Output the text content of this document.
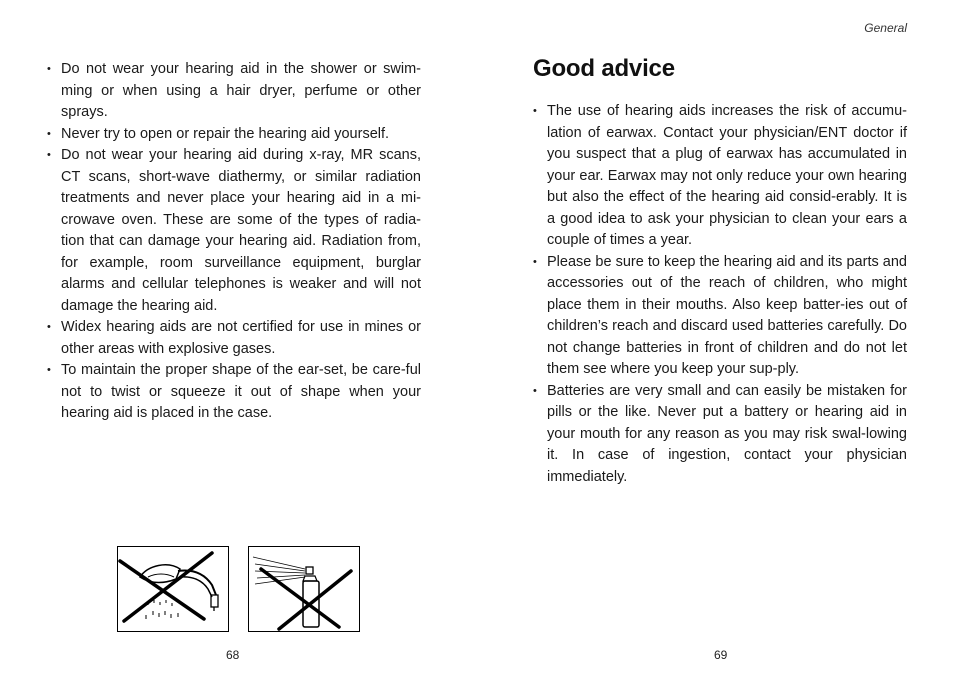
• Do not wear your hearing aid in the shower or swim-ming or when using a hair dryer, perfume or other sprays.
• Never try to open or repair the hearing aid yourself.
• Do not wear your hearing aid during x-ray, MR scans, CT scans, short-wave diathermy, or similar radiation treatments and never place your hearing aid in a mi-crowave oven. These are some of the types of radia-tion that can damage your hearing aid. Radiation from, for example, room surveillance equipment, burglar alarms and cellular telephones is weaker and will not damage the hearing aid.
• Widex hearing aids are not certified for use in mines or other areas with explosive gases.
• To maintain the proper shape of the ear-set, be care-ful not to twist or squeeze it out of shape when your hearing aid is placed in the case.
68
General
Good advice
• The use of hearing aids increases the risk of accumu-lation of earwax. Contact your physician/ENT doctor if you suspect that a plug of earwax has accumulated in your ear. Earwax may not only reduce your own hearing but also the effect of the hearing aid consid-erably. It is a good idea to ask your physician to clean your ears a couple of times a year.
• Please be sure to keep the hearing aid and its parts and accessories out of the reach of children, who might place them in their mouths. Also keep batter-ies out of children’s reach and discard used batteries carefully. Do not change batteries in front of children and do not let them see where you keep your sup-ply.
• Batteries are very small and can easily be mistaken for pills or the like. Never put a battery or hearing aid in your mouth for any reason as you may risk swal-lowing it. In case of ingestion, contact your physician immediately.
69
